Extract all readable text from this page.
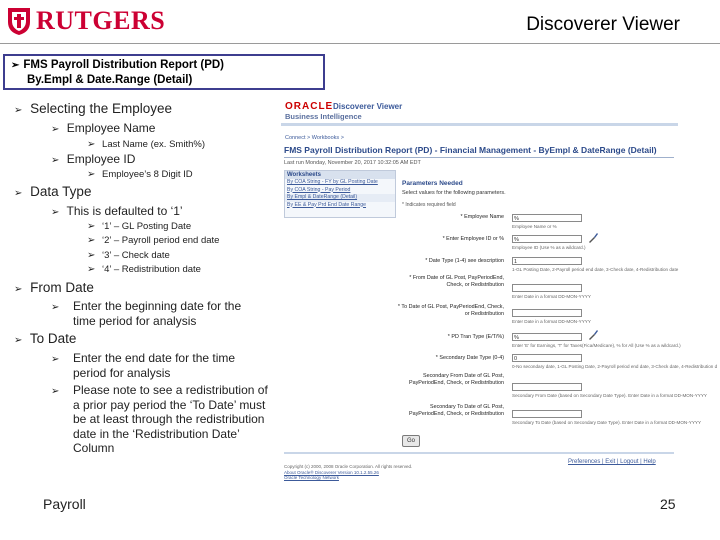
RUTGERS	Discoverer Viewer
➢ FMS Payroll Distribution Report (PD)
By.Empl & Date.Range (Detail)
➢ Selecting the Employee
➢ Employee Name
➢ Last Name (ex. Smith%)
➢ Employee ID
➢ Employee’s 8 Digit ID
➢ Data Type
➢ This is defaulted to ‘1’
➢ ‘1’ – GL Posting Date
➢ ‘2’ – Payroll period end date
➢ ‘3’ – Check date
➢ ‘4’ – Redistribution date
➢ From Date
➢	Enter the beginning date for the time period for analysis
➢ To Date
➢	Enter the end date for the time period for analysis
➢	Please note to see a redistribution of a prior pay period the ‘To Date’ must be at least through the redistribution date in the ‘Redistribution Date’ Column
ORACLE Discoverer Viewer
Business Intelligence
Connect > Workbooks >
FMS Payroll Distribution Report (PD) - Financial Management - ByEmpl & DateRange (Detail)
Last run Monday, November 20, 2017 10:32:05 AM EDT
Worksheets
By COA String - FY by GL Posting Date
By COA String - Pay Period
By Empl & DateRange (Detail)
By EE & Pay Prd End Date Range
Parameters Needed
Select values for the following parameters.
* Indicates required field
* Employee Name	%
Employee Name or %
* Enter Employee ID or %	%
Employee ID (Use % as a wildcard.)
* Date Type (1-4) see description	1
1-GL Posting Date, 2-Payroll period end date, 3-Check date, 4-Redistribution date
* From Date of GL Post, PayPeriodEnd, Check, or Redistribution
Enter Date in a format DD-MON-YYYY
* To Date of GL Post, PayPeriodEnd, Check, or Redistribution
Enter Date in a format DD-MON-YYYY
* PD Tran Type (E/T/%)	%
Enter 'E' for Earnings, 'T' for Taxes(Fica/Medicare), % for All (Use % as a wildcard.)
* Secondary Date Type (0-4)	0
0-No secondary date, 1-GL Posting Date, 2-Payroll period end date, 3-Check date, 4-Redistribution d
Secondary From Date of GL Post, PayPeriodEnd, Check, or Redistribution
Secondary From Date (based on Secondary Date Type). Enter Date in a format DD-MON-YYYY
Secondary To Date of GL Post, PayPeriodEnd, Check, or Redistribution
Secondary To Date (based on Secondary Date Type). Enter Date in a format DD-MON-YYYY
Go
Preferences | Exit | Logout | Help
Copyright (c) 2000, 2008 Oracle Corporation. All rights reserved.
About Oracle® Discoverer Version 10.1.2.55.26
Oracle Technology Network
Payroll	25
